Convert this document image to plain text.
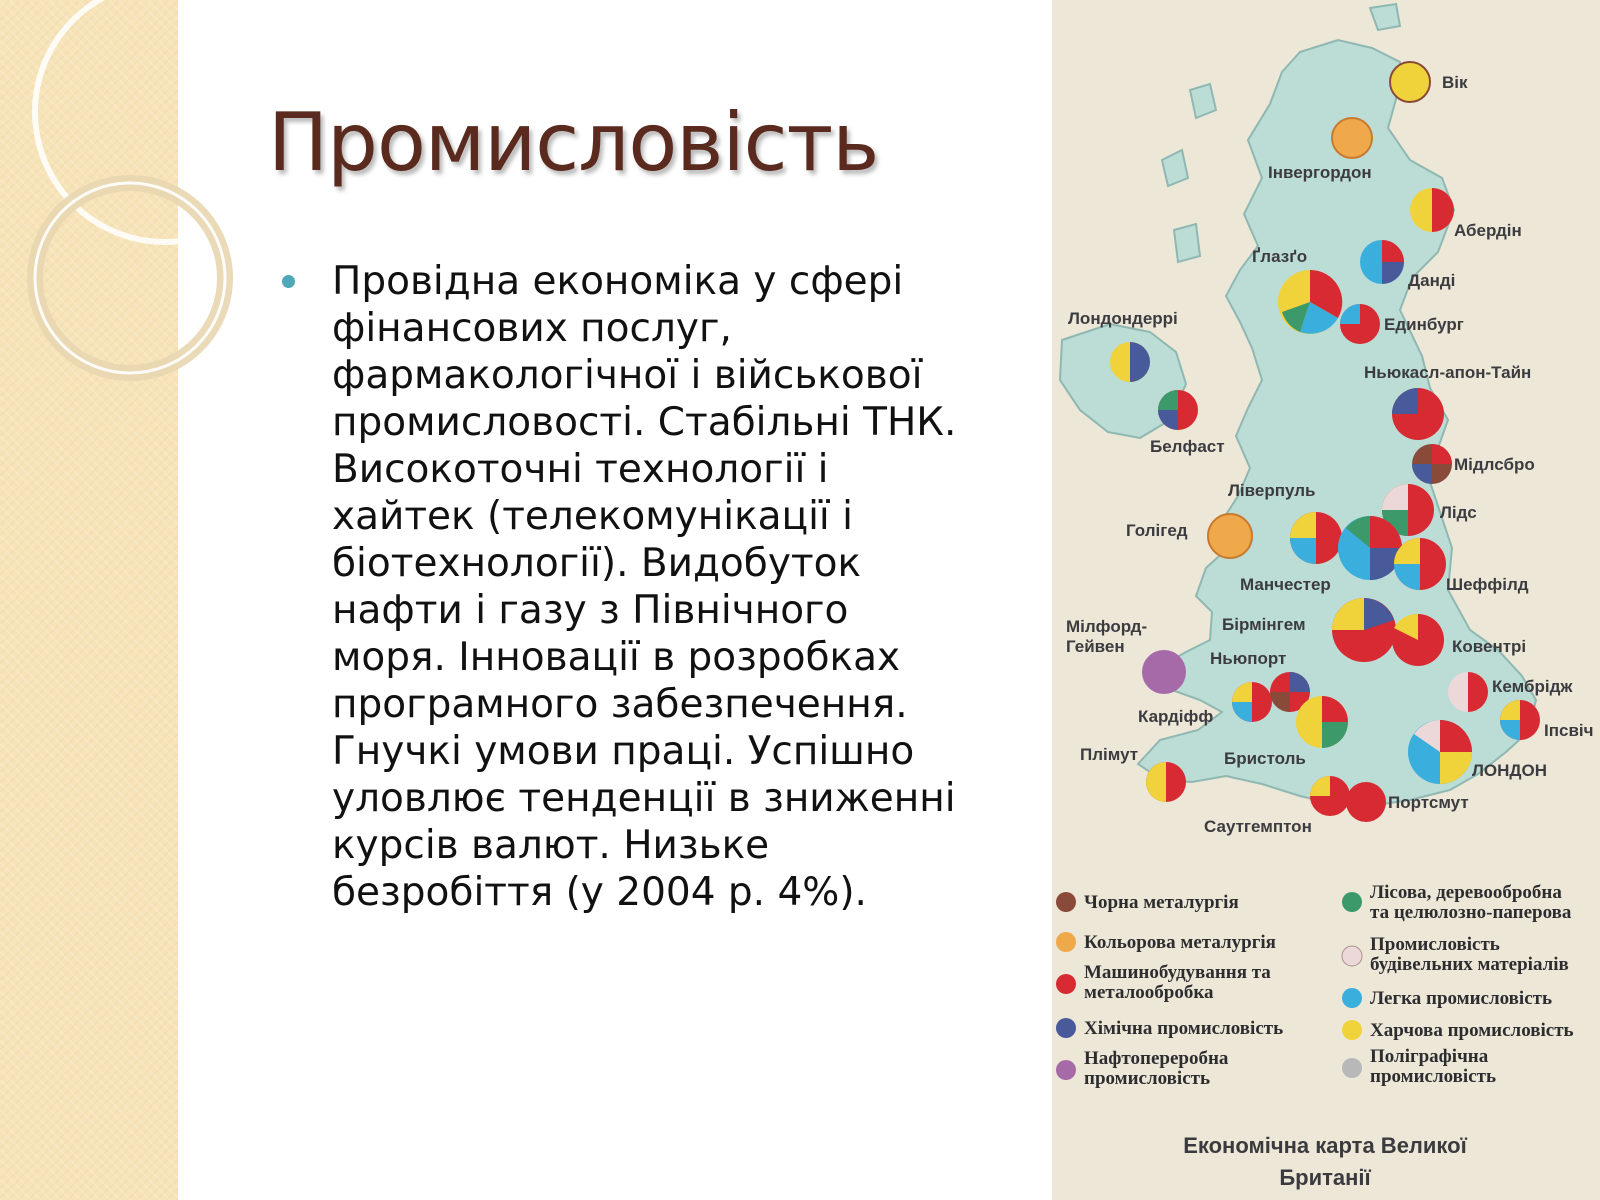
Промисловість
Провідна економіка у сфері фінансових послуг, фармакологічної і військової промисловості. Стабільні ТНК. Високоточні технології і хайтек (телекомунікації і біотехнології). Видобуток нафти і газу з Північного моря. Інновації в розробках програмного забезпечення. Гнучкі умови праці. Успішно уловлює тенденції в зниженні курсів валют. Низьке безробіття (у 2004 р. 4%).
Вік
Інвергордон
Абердін
Ґлазґо
Данді
Единбург
Лондондеррі
Ньюкасл-апон-Тайн
Белфаст
Мідлсбро
Ліверпуль
Лідс
Голігед
Манчестер	Шеффілд
Мілфорд-
Гейвен
Бірмінгем
Ньюпорт
Ковентрі
Кембрідж
Кардіфф
Іпсвіч
Плімут	Бристоль
ЛОНДОН
Портсмут
Саутгемптон
Чорна металургія
Кольорова металургія
Машинобудування та
металообробка
Хімічна промисловість
Нафтопереробна
промисловість
Лісова, деревообробна
та целюлозно-паперова
Промисловість
будівельних матеріалів
Легка промисловість
Харчова промисловість
Поліграфічна
промисловість
Економічна карта Великої
Британії
